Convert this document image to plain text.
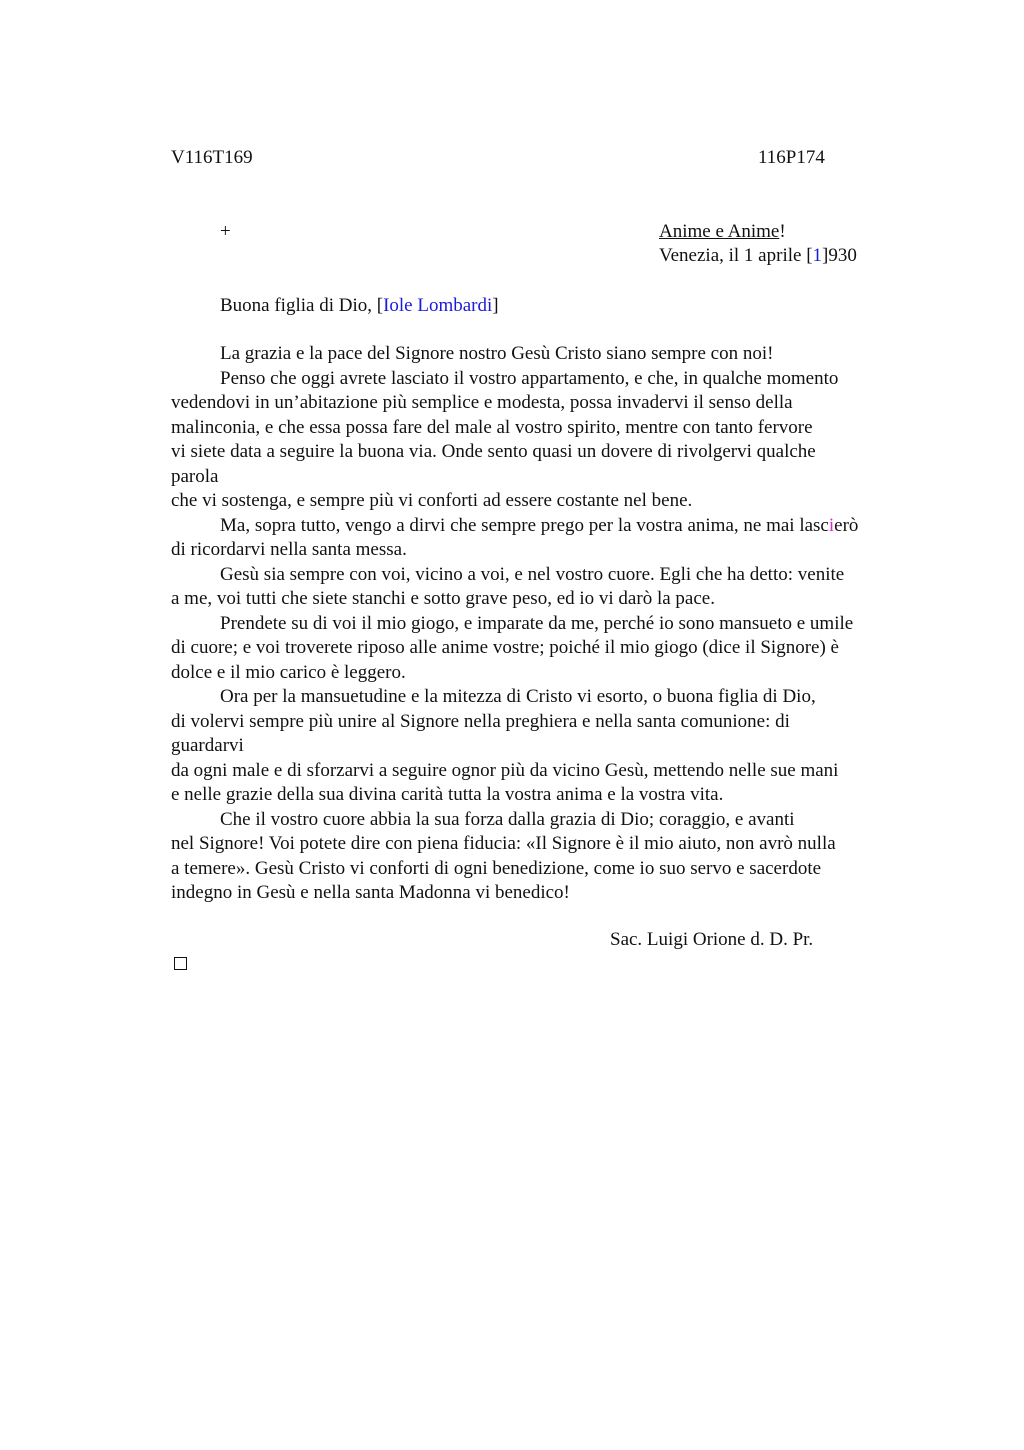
V116T169	116P174
+	Anime e Anime!
Venezia, il 1 aprile [1]930
Buona figlia di Dio, [Iole Lombardi]
La grazia e la pace del Signore nostro Gesù Cristo siano sempre con noi!
Penso che oggi avrete lasciato il vostro appartamento, e che, in qualche momento
vedendovi in un’abitazione più semplice e modesta, possa invadervi il senso della
malinconia, e che essa possa fare del male al vostro spirito, mentre con tanto fervore
vi siete data a seguire la buona via. Onde sento quasi un dovere di rivolgervi qualche
parola
che vi sostenga, e sempre più vi conforti ad essere costante nel bene.
Ma, sopra tutto, vengo a dirvi che sempre prego per la vostra anima, ne mai lascierò
di ricordarvi nella santa messa.
Gesù sia sempre con voi, vicino a voi, e nel vostro cuore. Egli che ha detto: venite
a me, voi tutti che siete stanchi e sotto grave peso, ed io vi darò la pace.
Prendete su di voi il mio giogo, e imparate da me, perché io sono mansueto e umile
di cuore; e voi troverete riposo alle anime vostre; poiché il mio giogo (dice il Signore) è
dolce e il mio carico è leggero.
Ora per la mansuetudine e la mitezza di Cristo vi esorto, o buona figlia di Dio,
di volervi sempre più unire al Signore nella preghiera e nella santa comunione: di
guardarvi
da ogni male e di sforzarvi a seguire ognor più da vicino Gesù, mettendo nelle sue mani
e nelle grazie della sua divina carità tutta la vostra anima e la vostra vita.
Che il vostro cuore abbia la sua forza dalla grazia di Dio; coraggio, e avanti
nel Signore! Voi potete dire con piena fiducia: «Il Signore è il mio aiuto, non avrò nulla
a temere». Gesù Cristo vi conforti di ogni benedizione, come io suo servo e sacerdote
indegno in Gesù e nella santa Madonna vi benedico!
Sac. Luigi Orione d. D. Pr.
